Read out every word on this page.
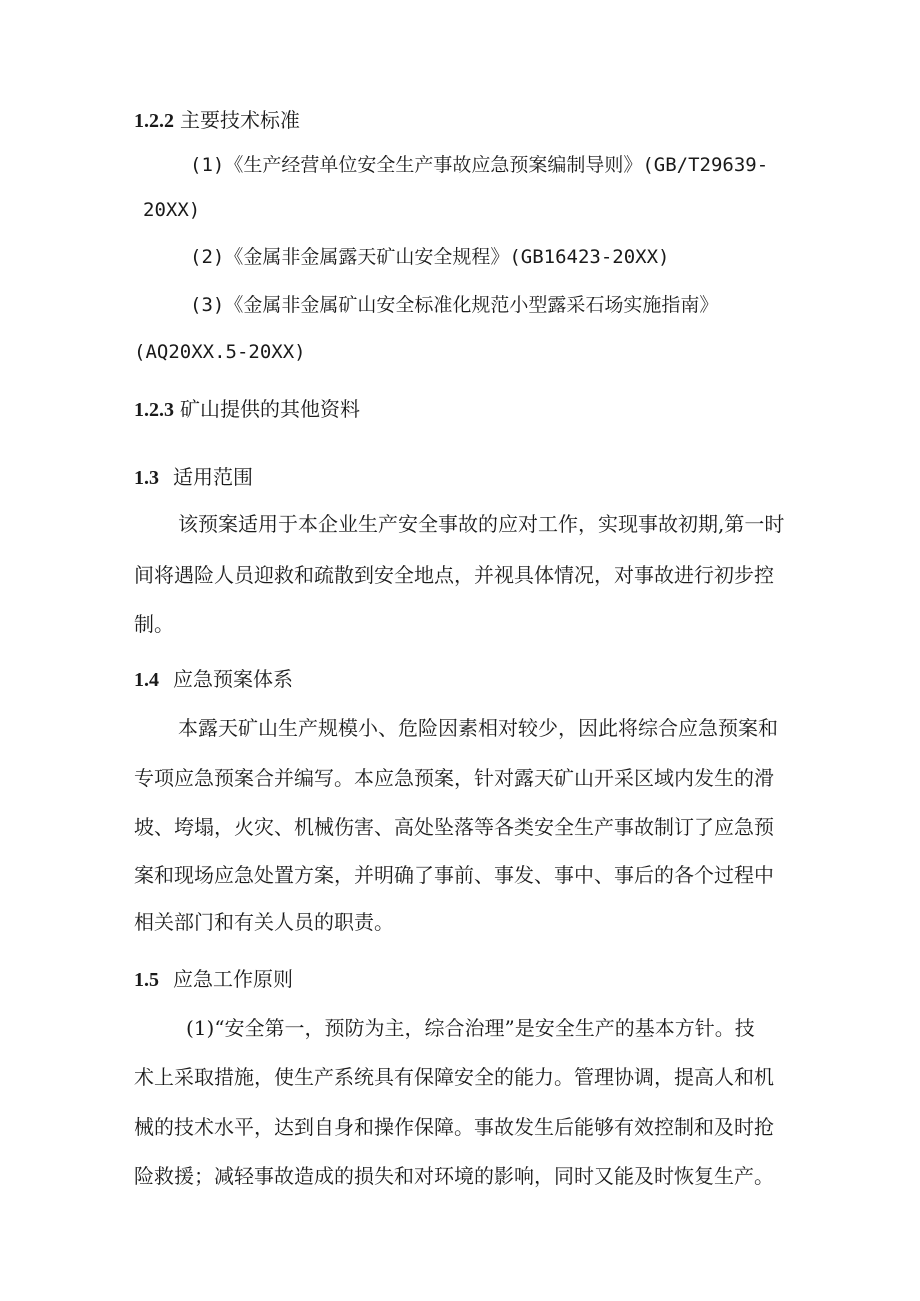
1.2.2 主要技术标准
(1)《生产经营单位安全生产事故应急预案编制导则》(GB/T29639-
20XX)
(2)《金属非金属露天矿山安全规程》(GB16423-20XX)
(3)《金属非金属矿山安全标准化规范小型露采石场实施指南》
(AQ20XX.5-20XX)
1.2.3 矿山提供的其他资料
1.3 适用范围
该预案适用于本企业生产安全事故的应对工作，实现事故初期,第一时
间将遇险人员迎救和疏散到安全地点，并视具体情况，对事故进行初步控
制。
1.4 应急预案体系
本露天矿山生产规模小、危险因素相对较少，因此将综合应急预案和
专项应急预案合并编写。本应急预案，针对露天矿山开采区域内发生的滑
坡、垮塌，火灾、机械伤害、高处坠落等各类安全生产事故制订了应急预
案和现场应急处置方案，并明确了事前、事发、事中、事后的各个过程中
相关部门和有关人员的职责。
1.5 应急工作原则
(1)“安全第一，预防为主，综合治理”是安全生产的基本方针。技
术上采取措施，使生产系统具有保障安全的能力。管理协调，提高人和机
械的技术水平，达到自身和操作保障。事故发生后能够有效控制和及时抢
险救援；减轻事故造成的损失和对环境的影响，同时又能及时恢复生产。
